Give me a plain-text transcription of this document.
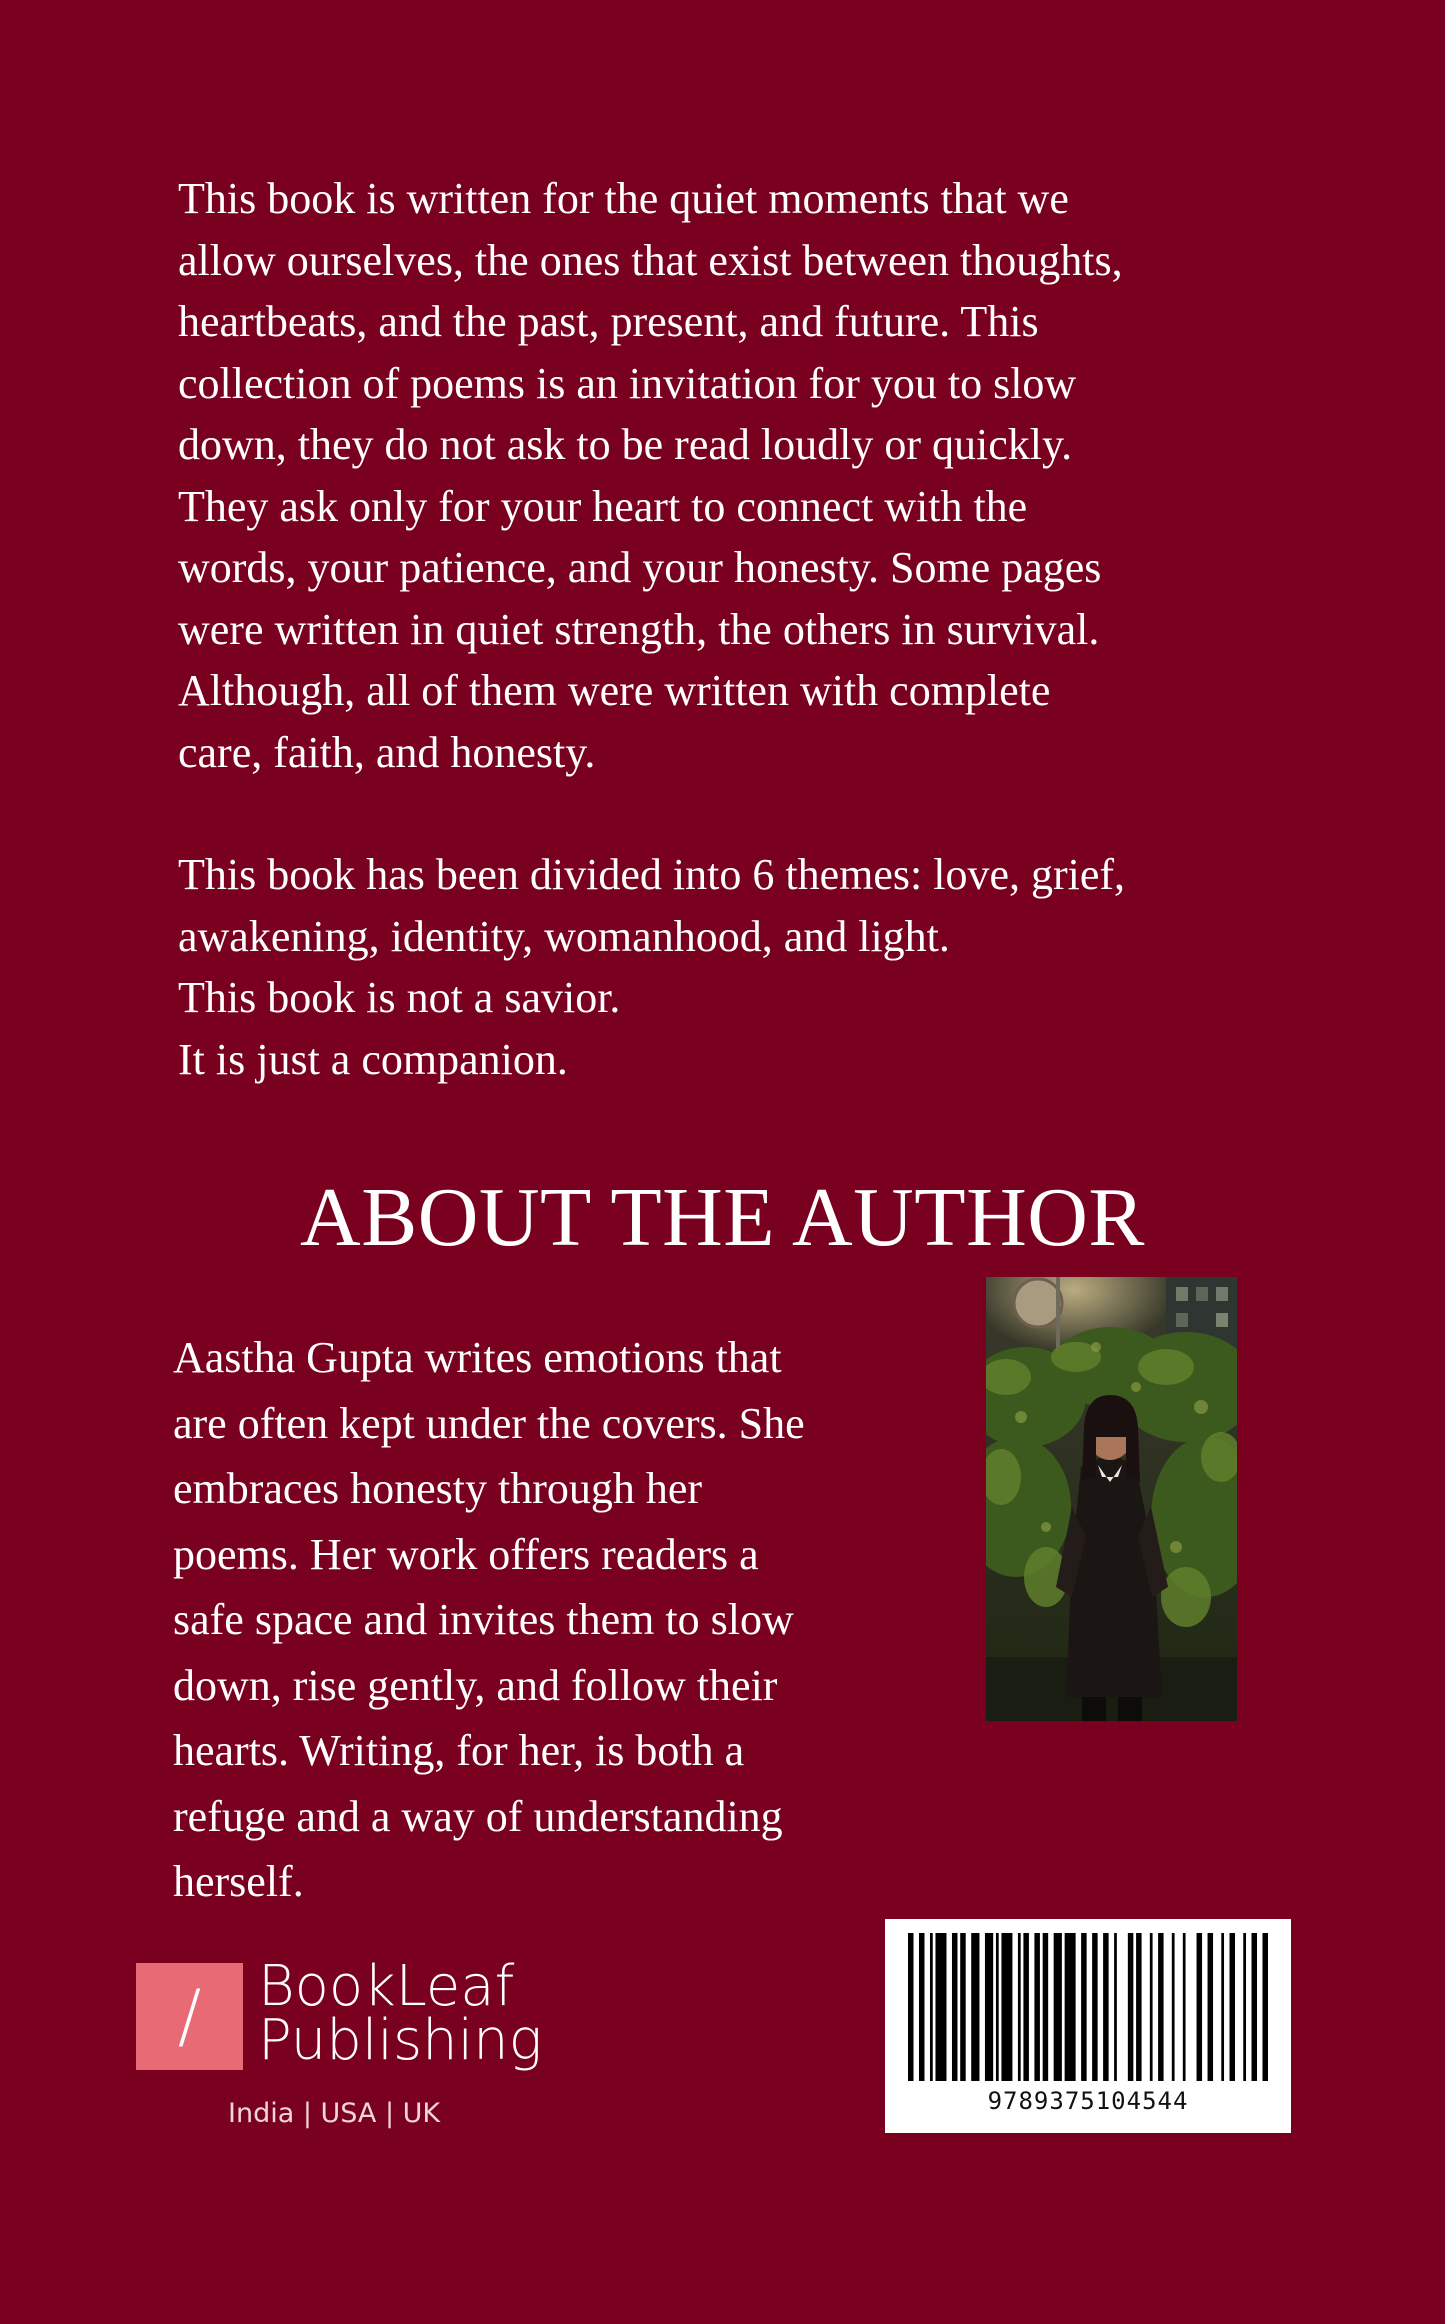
This book is written for the quiet moments that we

allow ourselves, the ones that exist between thoughts,

heartbeats, and the past, present, and future. This

collection of poems is an invitation for you to slow

down, they do not ask to be read loudly or quickly.

They ask only for your heart to connect with the

words, your patience, and your honesty. Some pages

were written in quiet strength, the others in survival.

Although, all of them were written with complete

care, faith, and honesty.

This book has been divided into 6 themes: love, grief,

awakening, identity, womanhood, and light.

This book is not a savior.

It is just a companion.

ABOUT THE AUTHOR
Aastha Gupta writes emotions that
are often kept under the covers. She
embraces honesty through her
poems. Her work offers readers a
safe space and invites them to slow
down, rise gently, and follow their
hearts. Writing, for her, is both a
refuge and a way of understanding
herself.
/	BookLeaf
Publishing
India | USA | UK	9789375104544
